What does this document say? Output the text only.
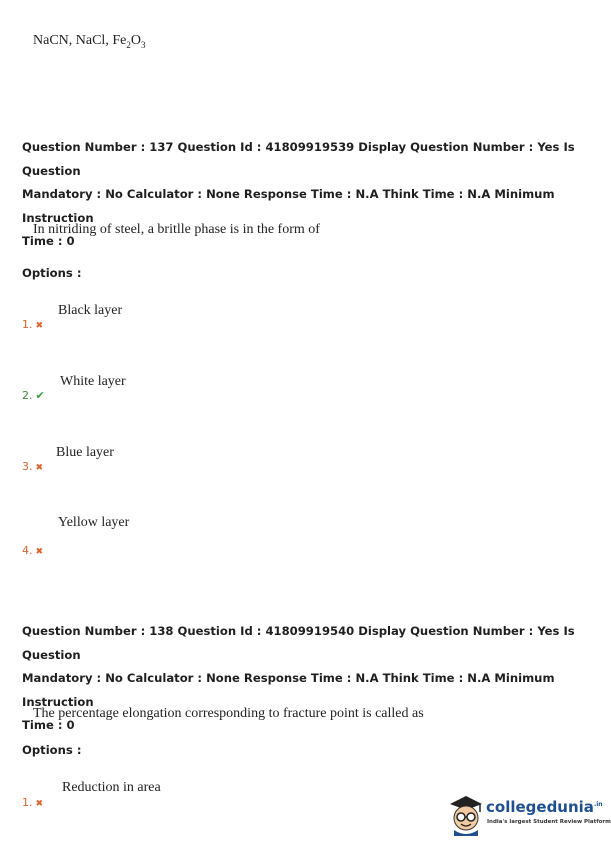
NaCN, NaCl, $Fe_2O_3$
Question Number : 137 Question Id : 41809919539 Display Question Number : Yes Is Question
Mandatory : No Calculator : None Response Time : N.A Think Time : N.A Minimum Instruction
Time : 0
In nitriding of steel, a britlle phase is in the form of
Options :
Black layer
1. ✖
White layer
2. ✔
Blue layer
3. ✖
Yellow layer
4. ✖
Question Number : 138 Question Id : 41809919540 Display Question Number : Yes Is Question
Mandatory : No Calculator : None Response Time : N.A Think Time : N.A Minimum Instruction
Time : 0
The percentage elongation corresponding to fracture point is called as
Options :
Reduction in area
1. ✖	collegedunia$^{.in}$
India's largest Student Review Platform
